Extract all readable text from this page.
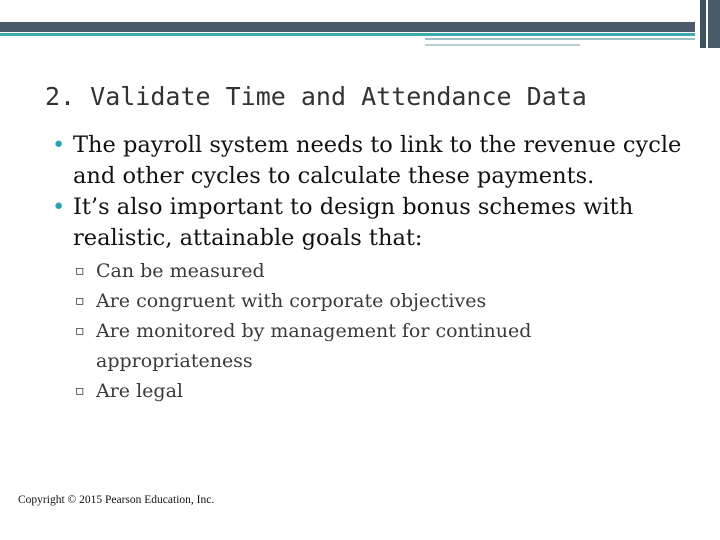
2. Validate Time and Attendance Data
• The payroll system needs to link to the revenue cycle and other cycles to calculate these payments.
• It’s also important to design bonus schemes with realistic, attainable goals that:
▫ Can be measured
▫ Are congruent with corporate objectives
▫ Are monitored by management for continued appropriateness
▫ Are legal
Copyright © 2015 Pearson Education, Inc.
